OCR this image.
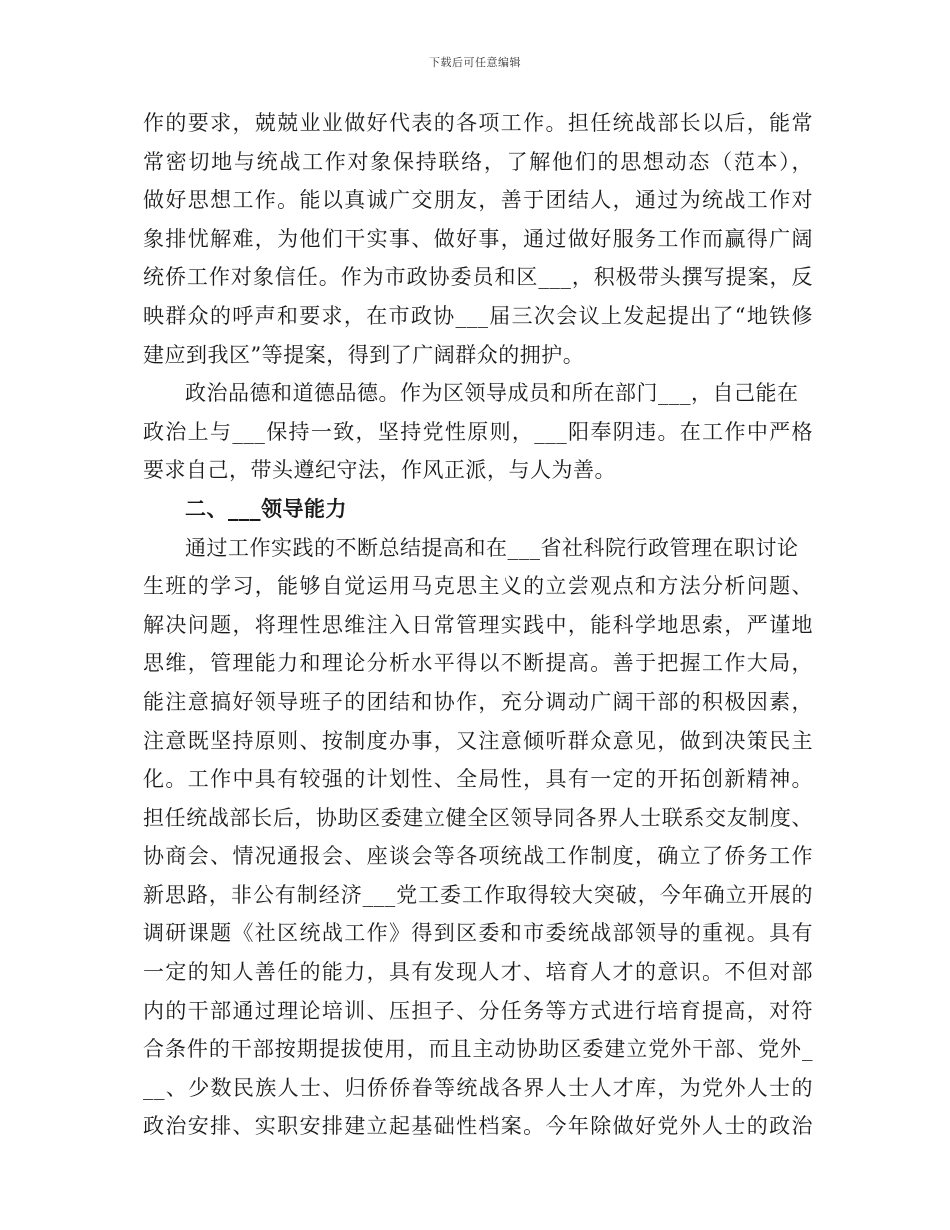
下载后可任意编辑
作的要求，兢兢业业做好代表的各项工作。担任统战部长以后，能常
常密切地与统战工作对象保持联络，了解他们的思想动态（范本），
做好思想工作。能以真诚广交朋友，善于团结人，通过为统战工作对
象排忧解难，为他们干实事、做好事，通过做好服务工作而赢得广阔
统侨工作对象信任。作为市政协委员和区___，积极带头撰写提案，反
映群众的呼声和要求，在市政协___届三次会议上发起提出了“地铁修
建应到我区”等提案，得到了广阔群众的拥护。
政治品德和道德品德。作为区领导成员和所在部门___，自己能在
政治上与___保持一致，坚持党性原则，___阳奉阴违。在工作中严格
要求自己，带头遵纪守法，作风正派，与人为善。
二、___领导能力
通过工作实践的不断总结提高和在___省社科院行政管理在职讨论
生班的学习，能够自觉运用马克思主义的立尝观点和方法分析问题、
解决问题，将理性思维注入日常管理实践中，能科学地思索，严谨地
思维，管理能力和理论分析水平得以不断提高。善于把握工作大局，
能注意搞好领导班子的团结和协作，充分调动广阔干部的积极因素，
注意既坚持原则、按制度办事，又注意倾听群众意见，做到决策民主
化。工作中具有较强的计划性、全局性，具有一定的开拓创新精神。
担任统战部长后，协助区委建立健全区领导同各界人士联系交友制度、
协商会、情况通报会、座谈会等各项统战工作制度，确立了侨务工作
新思路，非公有制经济___党工委工作取得较大突破，今年确立开展的
调研课题《社区统战工作》得到区委和市委统战部领导的重视。具有
一定的知人善任的能力，具有发现人才、培育人才的意识。不但对部
内的干部通过理论培训、压担子、分任务等方式进行培育提高，对符
合条件的干部按期提拔使用，而且主动协助区委建立党外干部、党外_
__、少数民族人士、归侨侨眷等统战各界人士人才库，为党外人士的
政治安排、实职安排建立起基础性档案。今年除做好党外人士的政治
